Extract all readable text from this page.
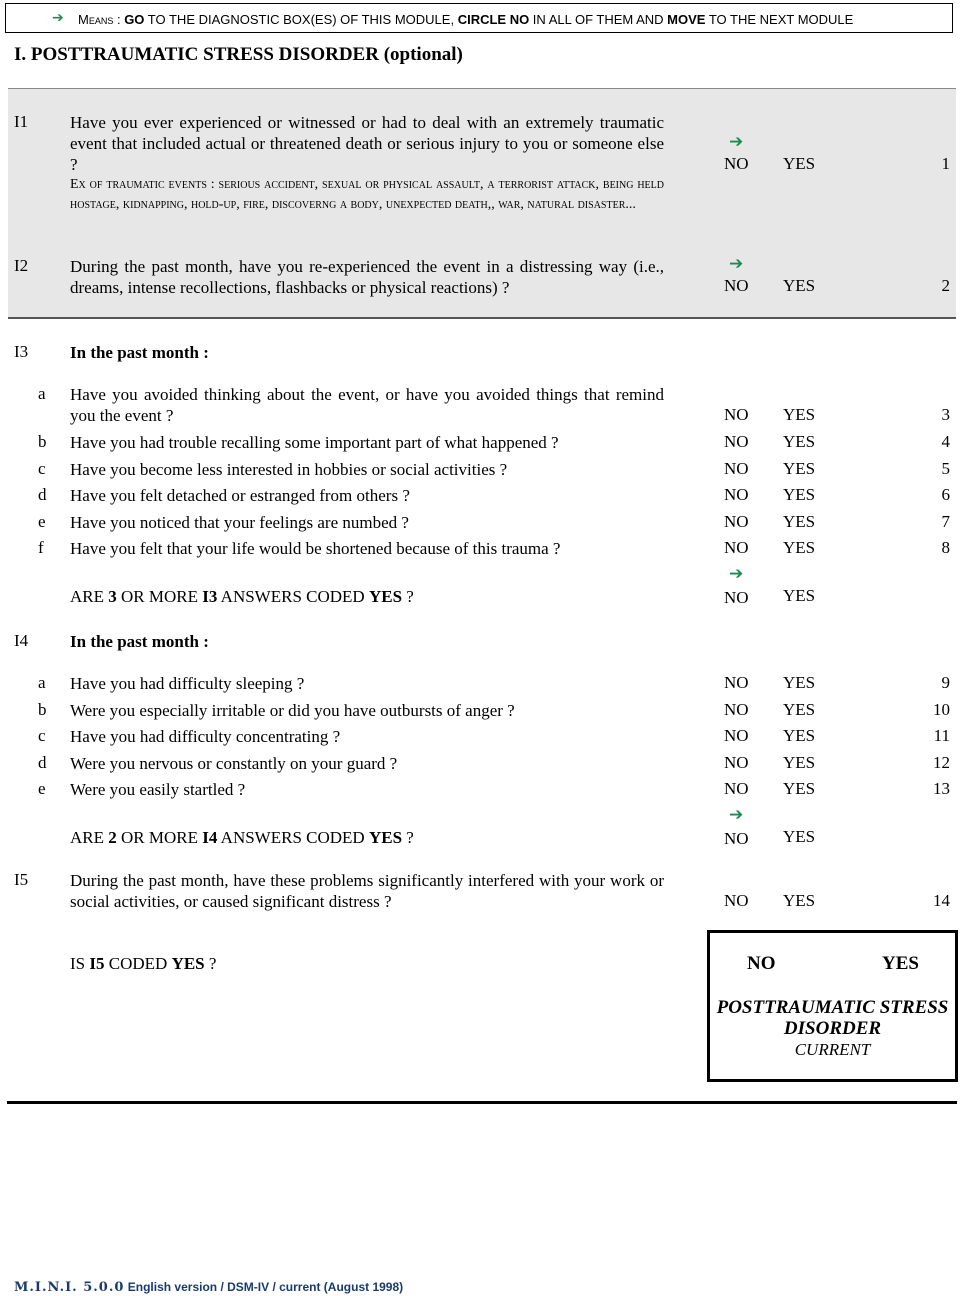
➔ Means : GO TO THE DIAGNOSTIC BOX(ES) OF THIS MODULE, CIRCLE NO IN ALL OF THEM AND MOVE TO THE NEXT MODULE
I. POSTTRAUMATIC STRESS DISORDER (optional)
I1 Have you ever experienced or witnessed or had to deal with an extremely traumatic event that included actual or threatened death or serious injury to you or someone else ?
Ex of traumatic events : serious accident, sexual or physical assault, a terrorist attack, being held hostage, kidnapping, hold-up, fire, discoverng a body, unexpected death,, war, natural disaster...
➔
NO YES	1
I2 During the past month, have you re-experienced the event in a distressing way (i.e., dreams, intense recollections, flashbacks or physical reactions) ?
➔
NO YES	2
I3 In the past month :
a Have you avoided thinking about the event, or have you avoided things that remind you the event ?	NO YES	3
b Have you had trouble recalling some important part of what happened ?	NO YES	4
c Have you become less interested in hobbies or social activities ?	NO YES	5
d Have you felt detached or estranged from others ?	NO YES	6
e Have you noticed that your feelings are numbed ?	NO YES	7
f Have you felt that your life would be shortened because of this trauma ?	NO YES	8
ARE 3 OR MORE I3 ANSWERS CODED YES ?
➔
NO YES
I4 In the past month :
a Have you had difficulty sleeping ?	NO YES	9
b Were you especially irritable or did you have outbursts of anger ?	NO YES	10
c Have you had difficulty concentrating ?	NO YES	11
d Were you nervous or constantly on your guard ?	NO YES	12
e Were you easily startled ?	NO YES	13
ARE 2 OR MORE I4 ANSWERS CODED YES ?
➔
NO YES
I5 During the past month, have these problems significantly interfered with your work or social activities, or caused significant distress ?	NO YES	14
IS I5 CODED YES ?	NO	YES
POSTTRAUMATIC STRESS
DISORDER
CURRENT
M.I.N.I. 5.0.0 English version / DSM-IV / current (August 1998)
